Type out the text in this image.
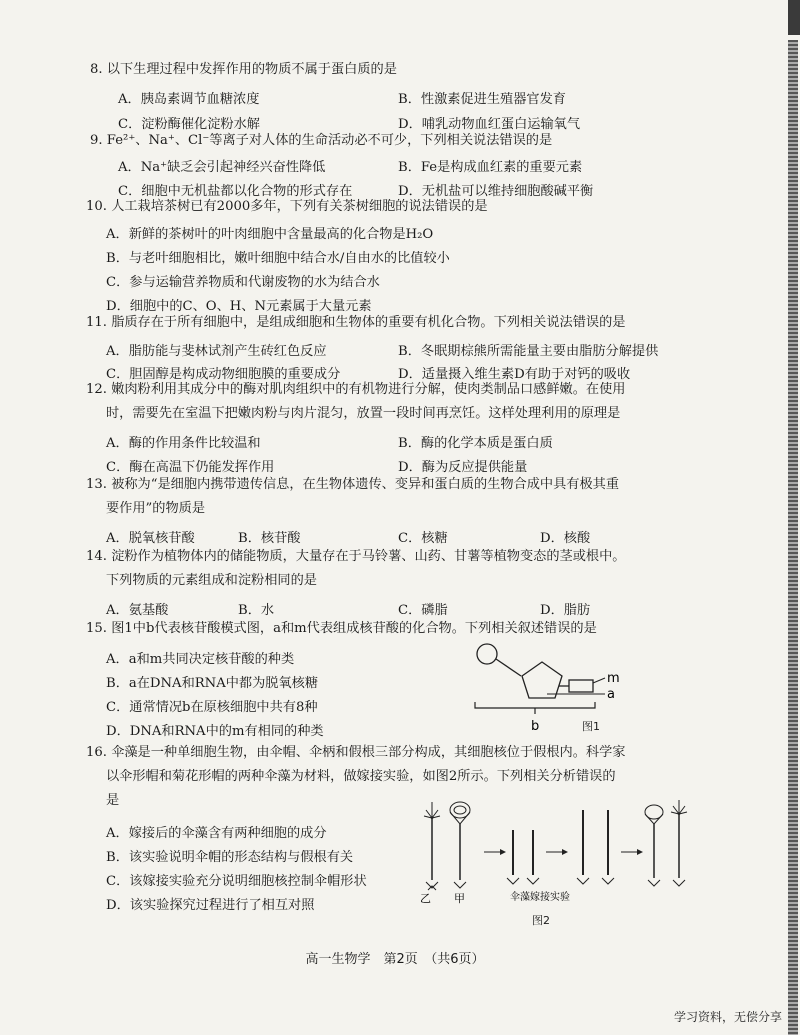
8. 以下生理过程中发挥作用的物质不属于蛋白质的是
A．胰岛素调节血糖浓度	B．性激素促进生殖器官发育
C．淀粉酶催化淀粉水解	D．哺乳动物血红蛋白运输氧气
9. Fe²⁺、Na⁺、Cl⁻等离子对人体的生命活动必不可少，下列相关说法错误的是
A．Na⁺缺乏会引起神经兴奋性降低	B．Fe是构成血红素的重要元素
C．细胞中无机盐都以化合物的形式存在	D．无机盐可以维持细胞酸碱平衡
10. 人工栽培茶树已有2000多年，下列有关茶树细胞的说法错误的是
A．新鲜的茶树叶的叶肉细胞中含量最高的化合物是H₂O
B．与老叶细胞相比，嫩叶细胞中结合水/自由水的比值较小
C．参与运输营养物质和代谢废物的水为结合水
D．细胞中的C、O、H、N元素属于大量元素
11. 脂质存在于所有细胞中，是组成细胞和生物体的重要有机化合物。下列相关说法错误的是
A．脂肪能与斐林试剂产生砖红色反应	B．冬眠期棕熊所需能量主要由脂肪分解提供
C．胆固醇是构成动物细胞膜的重要成分	D．适量摄入维生素D有助于对钙的吸收
12. 嫩肉粉利用其成分中的酶对肌肉组织中的有机物进行分解，使肉类制品口感鲜嫩。在使用
时，需要先在室温下把嫩肉粉与肉片混匀，放置一段时间再烹饪。这样处理利用的原理是
A．酶的作用条件比较温和	B．酶的化学本质是蛋白质
C．酶在高温下仍能发挥作用	D．酶为反应提供能量
13. 被称为“是细胞内携带遗传信息，在生物体遗传、变异和蛋白质的生物合成中具有极其重
要作用”的物质是
A．脱氧核苷酸	B．核苷酸	C．核糖	D．核酸
14. 淀粉作为植物体内的储能物质，大量存在于马铃薯、山药、甘薯等植物变态的茎或根中。
下列物质的元素组成和淀粉相同的是
A．氨基酸	B．水	C．磷脂	D．脂肪
15. 图1中b代表核苷酸模式图，a和m代表组成核苷酸的化合物。下列相关叙述错误的是
A．a和m共同决定核苷酸的种类
B．a在DNA和RNA中都为脱氧核糖
C．通常情况b在原核细胞中共有8种
D．DNA和RNA中的m有相同的种类
m
a
b	图1
16. 伞藻是一种单细胞生物，由伞帽、伞柄和假根三部分构成，其细胞核位于假根内。科学家
以伞形帽和菊花形帽的两种伞藻为材料，做嫁接实验，如图2所示。下列相关分析错误的
是
A．嫁接后的伞藻含有两种细胞的成分
B．该实验说明伞帽的形态结构与假根有关
C．该嫁接实验充分说明细胞核控制伞帽形状
D．该实验探究过程进行了相互对照	乙 甲	伞藻嫁接实验
图2
高一生物学　第2页　（共6页）
学习资料，无偿分享
